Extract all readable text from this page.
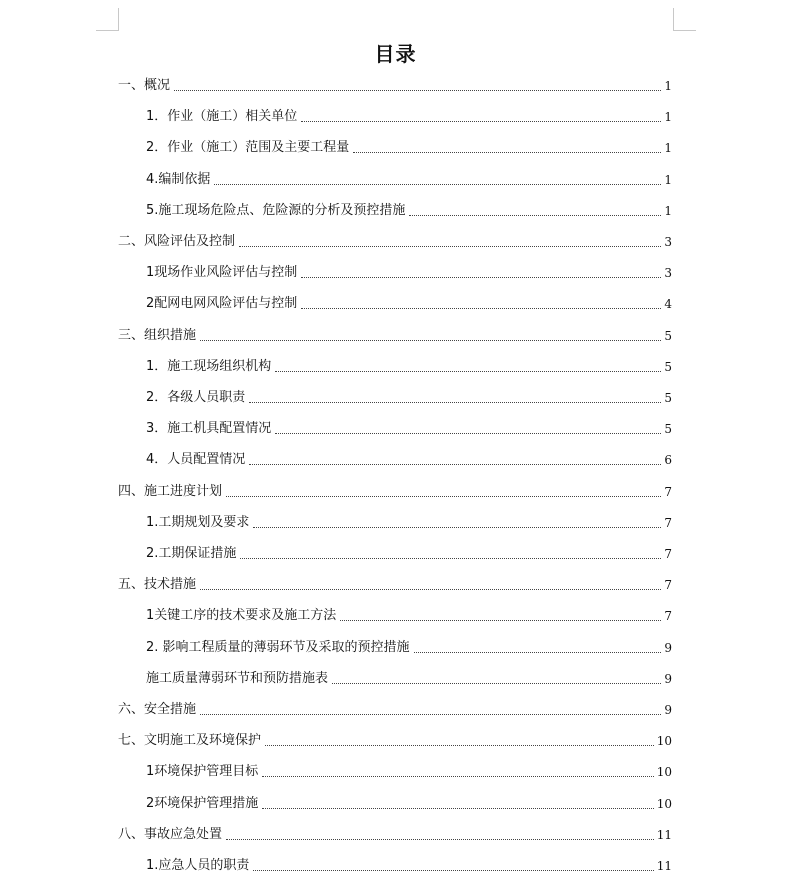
目录
一、概况	1
1．作业（施工）相关单位	1
2．作业（施工）范围及主要工程量	1
4.编制依据	1
5.施工现场危险点、危险源的分析及预控措施	1
二、风险评估及控制	3
1现场作业风险评估与控制	3
2配网电网风险评估与控制	4
三、组织措施	5
1．施工现场组织机构	5
2．各级人员职责	5
3．施工机具配置情况	5
4．人员配置情况	6
四、施工进度计划	7
1.工期规划及要求	7
2.工期保证措施	7
五、技术措施	7
1关键工序的技术要求及施工方法	7
2. 影响工程质量的薄弱环节及采取的预控措施	9
施工质量薄弱环节和预防措施表	9
六、安全措施	9
七、文明施工及环境保护	10
1环境保护管理目标	10
2环境保护管理措施	10
八、事故应急处置	11
1.应急人员的职责	11
